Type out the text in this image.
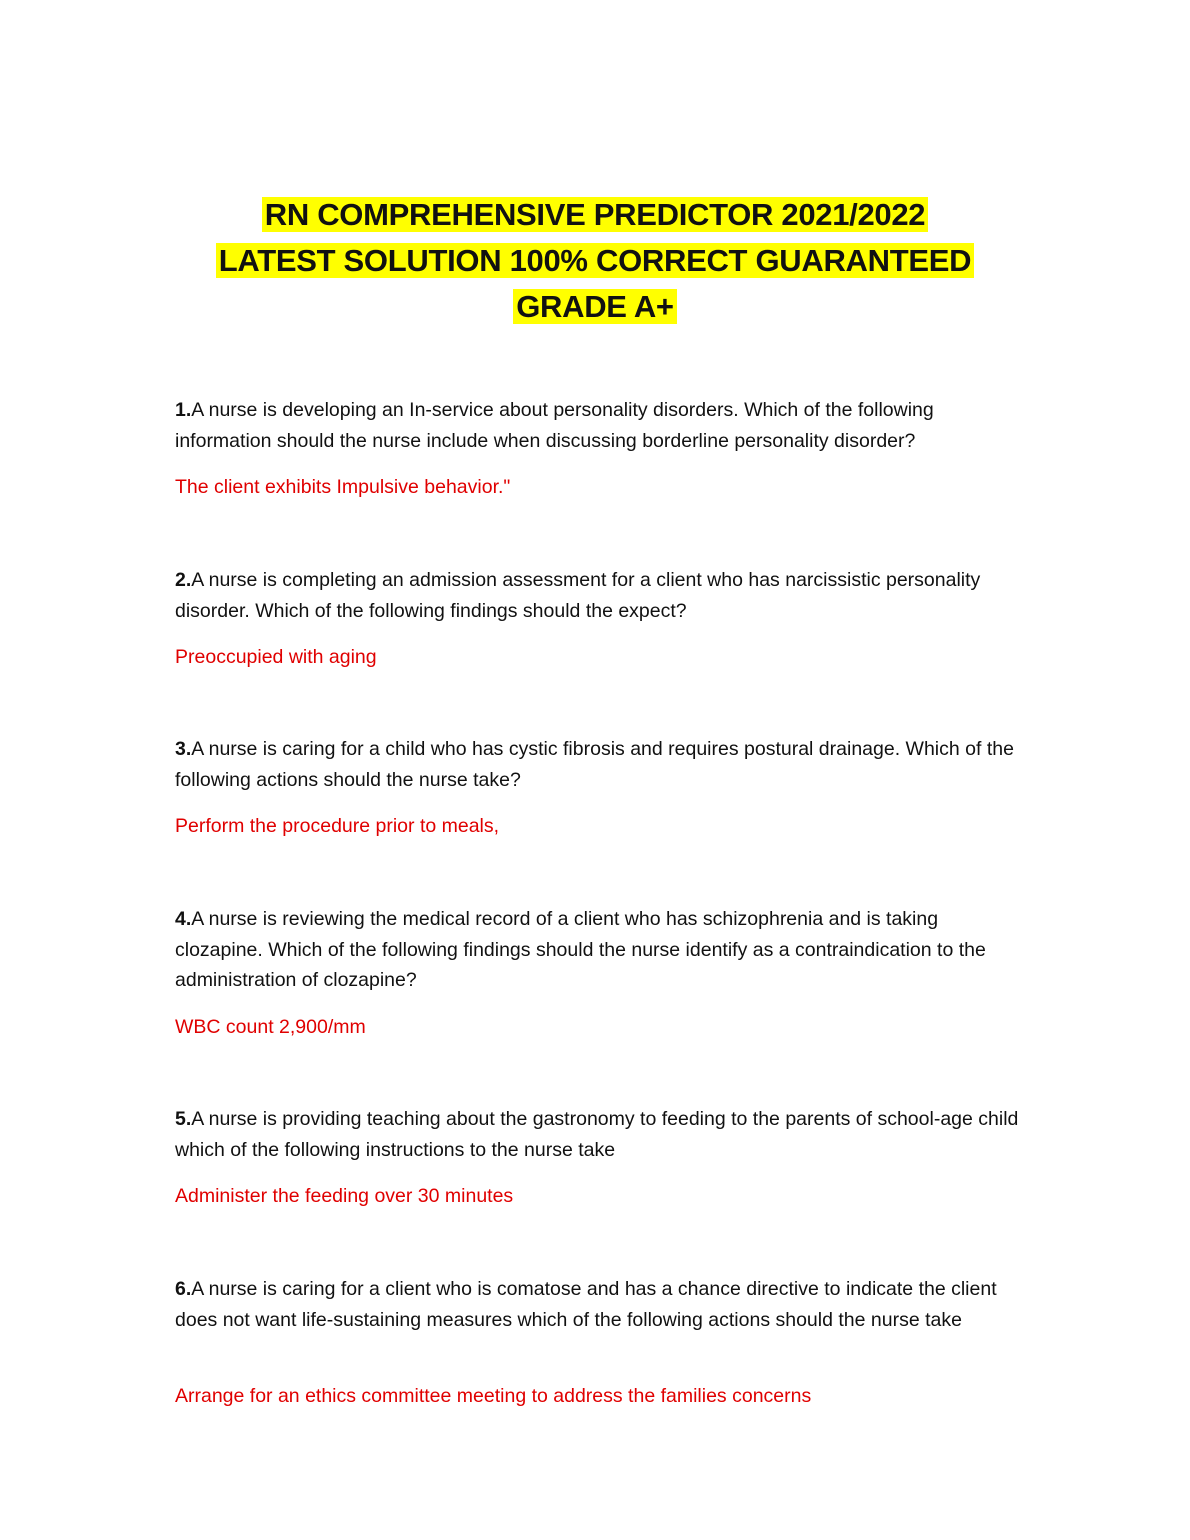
RN COMPREHENSIVE PREDICTOR 2021/2022
LATEST SOLUTION 100% CORRECT GUARANTEED
GRADE A+
1.A nurse is developing an In-service about personality disorders. Which of the following information should the nurse include when discussing borderline personality disorder?
The client exhibits Impulsive behavior."
2.A nurse is completing an admission assessment for a client who has narcissistic personality disorder. Which of the following findings should the expect?
Preoccupied with aging
3.A nurse is caring for a child who has cystic fibrosis and requires postural drainage. Which of the following actions should the nurse take?
Perform the procedure prior to meals,
4.A nurse is reviewing the medical record of a client who has schizophrenia and is taking clozapine. Which of the following findings should the nurse identify as a contraindication to the administration of clozapine?
WBC count 2,900/mm
5.A nurse is providing teaching about the gastronomy to feeding to the parents of school-age child which of the following instructions to the nurse take
Administer the feeding over 30 minutes
6.A nurse is caring for a client who is comatose and has a chance directive to indicate the client does not want life-sustaining measures which of the following actions should the nurse take
Arrange for an ethics committee meeting to address the families concerns
